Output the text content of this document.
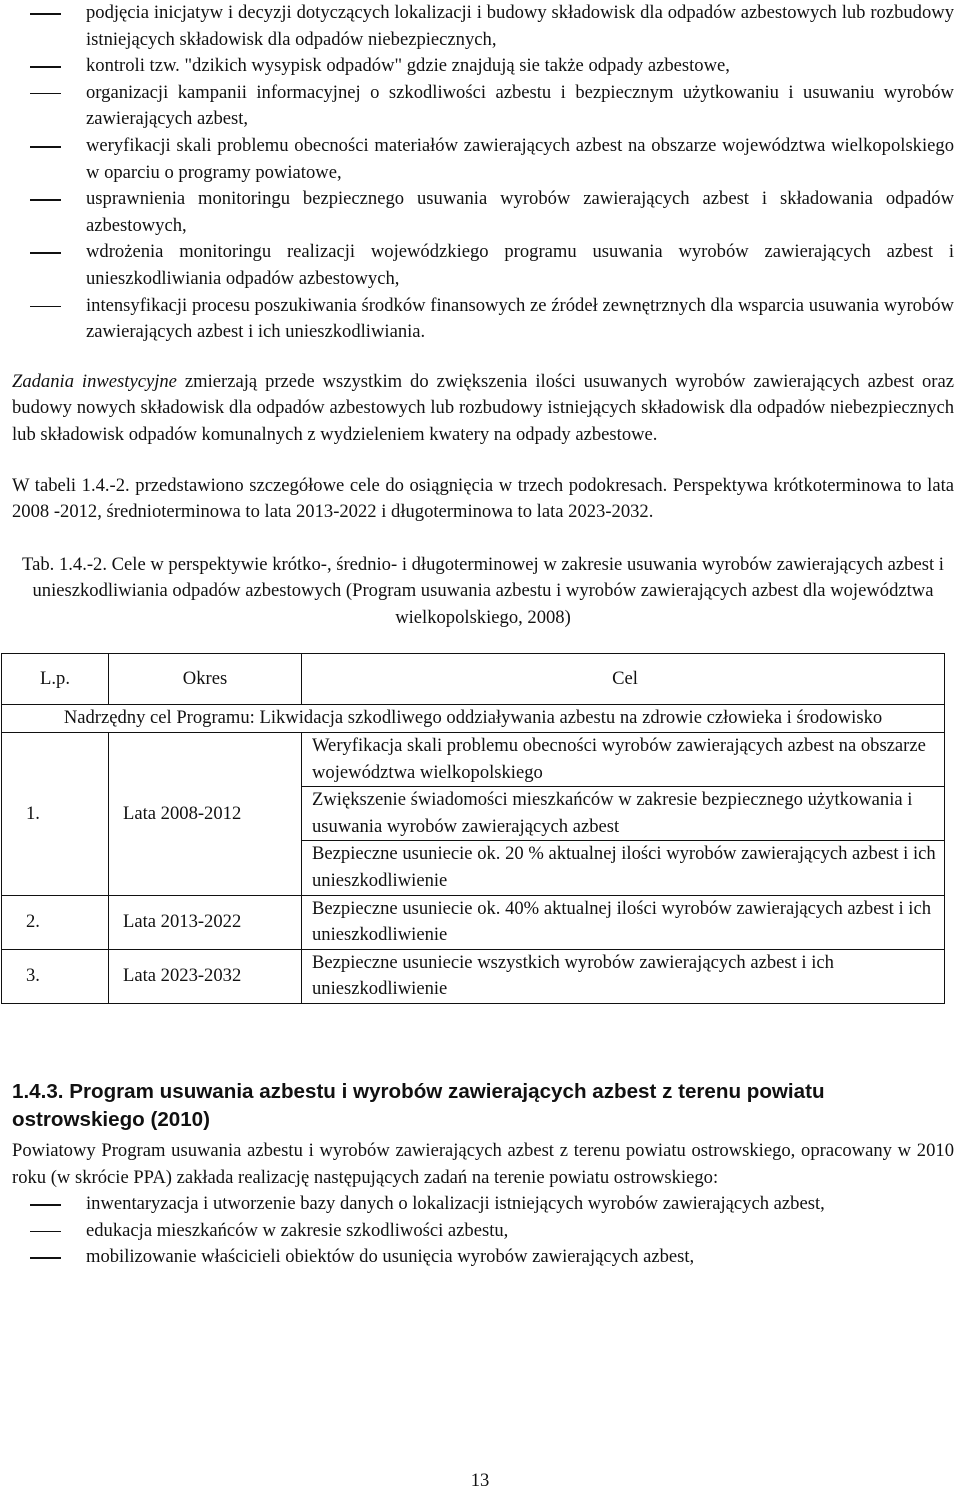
podjęcia inicjatyw i decyzji dotyczących lokalizacji i budowy składowisk dla odpadów azbestowych lub rozbudowy istniejących składowisk dla odpadów niebezpiecznych,
kontroli tzw. "dzikich wysypisk odpadów" gdzie znajdują sie także odpady azbestowe,
organizacji kampanii informacyjnej o szkodliwości azbestu i bezpiecznym użytkowaniu i usuwaniu wyrobów zawierających azbest,
weryfikacji skali problemu obecności materiałów zawierających azbest na obszarze województwa wielkopolskiego w oparciu o programy powiatowe,
usprawnienia monitoringu bezpiecznego usuwania wyrobów zawierających azbest i składowania odpadów azbestowych,
wdrożenia monitoringu realizacji wojewódzkiego programu usuwania wyrobów zawierających azbest i unieszkodliwiania odpadów azbestowych,
intensyfikacji procesu poszukiwania środków finansowych ze źródeł zewnętrznych dla wsparcia usuwania wyrobów zawierających azbest i ich unieszkodliwiania.

Zadania inwestycyjne zmierzają przede wszystkim do zwiększenia ilości usuwanych wyrobów zawierających azbest oraz budowy nowych składowisk dla odpadów azbestowych lub rozbudowy istniejących składowisk dla odpadów niebezpiecznych lub składowisk odpadów komunalnych z wydzieleniem kwatery na odpady azbestowe.

W tabeli 1.4.-2. przedstawiono szczegółowe cele do osiągnięcia w trzech podokresach. Perspektywa krótkoterminowa to lata 2008 -2012, średnioterminowa to lata 2013-2022 i długoterminowa to lata 2023-2032.

Tab. 1.4.-2. Cele w perspektywie krótko-, średnio- i długoterminowej w zakresie usuwania wyrobów zawierających azbest i unieszkodliwiania odpadów azbestowych (Program usuwania azbestu i wyrobów zawierających azbest dla województwa wielkopolskiego, 2008)

L.p.	Okres	Cel
Nadrzędny cel Programu: Likwidacja szkodliwego oddziaływania azbestu na zdrowie człowieka i środowisko		
1.	Lata 2008-2012	Weryfikacja skali problemu obecności wyrobów zawierających azbest na obszarze województwa wielkopolskiego
		Zwiększenie świadomości mieszkańców w zakresie bezpiecznego użytkowania i usuwania wyrobów zawierających azbest
		Bezpieczne usuniecie ok. 20 % aktualnej ilości wyrobów zawierających azbest i ich unieszkodliwienie
2.	Lata 2013-2022	Bezpieczne usuniecie ok. 40% aktualnej ilości wyrobów zawierających azbest i ich unieszkodliwienie
3.	Lata 2023-2032	Bezpieczne usuniecie wszystkich wyrobów zawierających azbest i ich unieszkodliwienie
1.4.3. Program usuwania azbestu i wyrobów zawierających azbest z terenu powiatu ostrowskiego (2010)

Powiatowy Program usuwania azbestu i wyrobów zawierających azbest z terenu powiatu ostrowskiego, opracowany w 2010 roku (w skrócie PPA) zakłada realizację następujących zadań na terenie powiatu ostrowskiego:

inwentaryzacja i utworzenie bazy danych o lokalizacji istniejących wyrobów zawierających azbest,
edukacja mieszkańców w zakresie szkodliwości azbestu,
mobilizowanie właścicieli obiektów do usunięcia wyrobów zawierających azbest,
13
